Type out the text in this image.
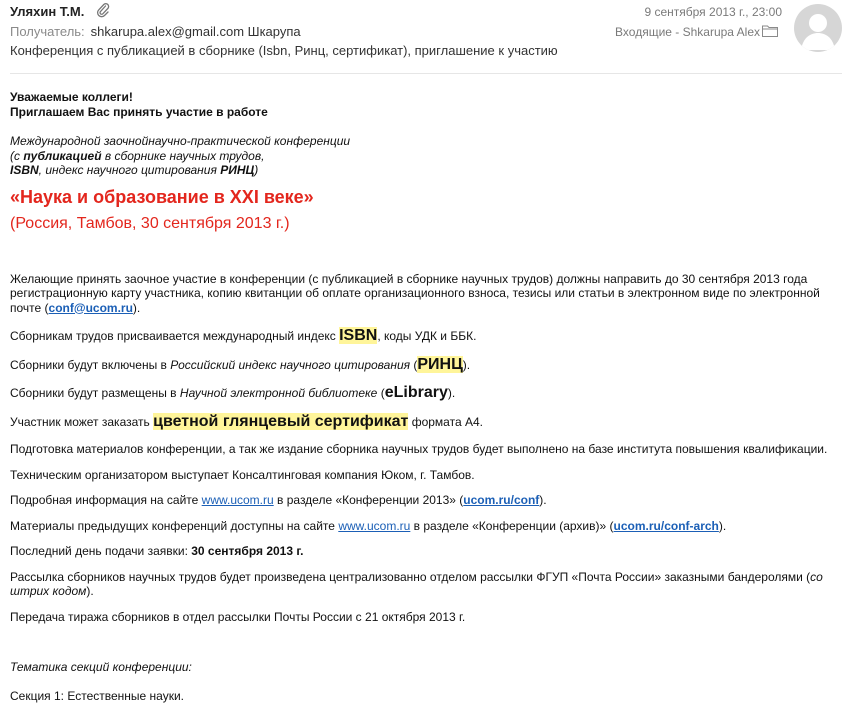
Уляхин Т.М.	9 сентября 2013 г., 23:00
Получатель: shkarupa.alex@gmail.com Шкарупа	Входящие - Shkarupa Alex
Конференция с публикацией в сборнике (Isbn, Ринц, сертификат), приглашение к участию

Уважаемые коллеги!

Приглашаем Вас принять участие в работе

Международной заочнойнаучно-практической конференции

(с публикацией в сборнике научных трудов,

ISBN, индекс научного цитирования РИНЦ)

«Наука и образование в XXI веке»

(Россия, Тамбов, 30 сентября 2013 г.)

Желающие принять заочное участие в конференции (с публикацией в сборнике научных трудов) должны направить до 30 сентября 2013 года регистрационную карту участника, копию квитанции об оплате организационного взноса, тезисы или статьи в электронном виде по электронной почте (conf@ucom.ru).

Сборникам трудов присваивается международный индекс ISBN, коды УДК и ББК.

Сборники будут включены в Российский индекс научного цитирования (РИНЦ).

Сборники будут размещены в Научной электронной библиотеке (eLibrary).

Участник может заказать цветной глянцевый сертификат формата А4.

Подготовка материалов конференции, а так же издание сборника научных трудов будет выполнено на базе института повышения квалификации.

Техническим организатором выступает Консалтинговая компания Юком, г. Тамбов.

Подробная информация на сайте www.ucom.ru в разделе «Конференции 2013» (ucom.ru/conf).

Материалы предыдущих конференций доступны на сайте www.ucom.ru в разделе «Конференции (архив)» (ucom.ru/conf-arch).

Последний день подачи заявки: 30 сентября 2013 г.

Рассылка сборников научных трудов будет произведена централизованно отделом рассылки ФГУП «Почта России» заказными бандеролями (со штрих кодом).

Передача тиража сборников в отдел рассылки Почты России с 21 октября 2013 г.

Тематика секций конференции:

Секция 1: Естественные науки.
